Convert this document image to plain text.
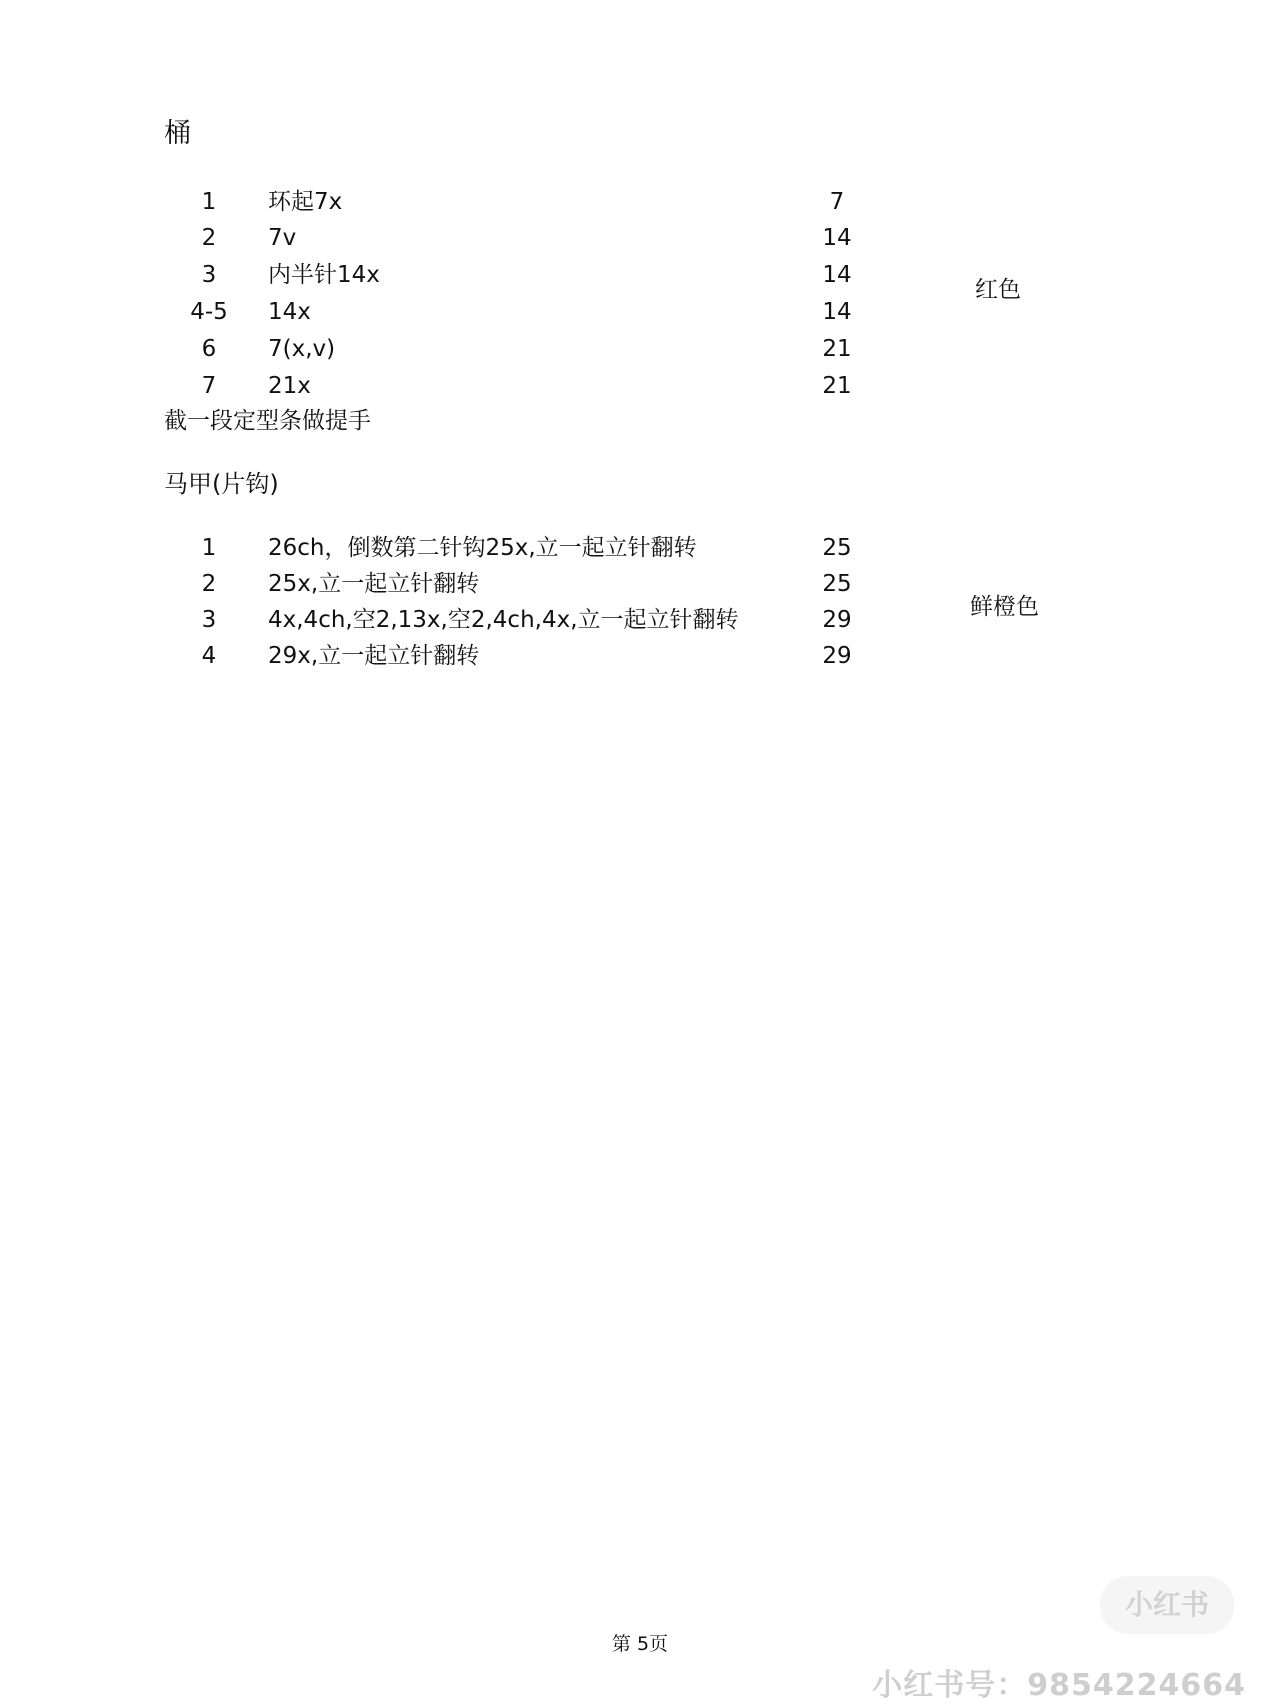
桶
1	环起7x	7
2	7v	14
3	内半针14x	14
4-5	14x	14
6	7(x,v)	21
7	21x	21
红色
截一段定型条做提手
马甲(片钩)
1	26ch，倒数第二针钩25x,立一起立针翻转	25
2	25x,立一起立针翻转	25
3	4x,4ch,空2,13x,空2,4ch,4x,立一起立针翻转	29
4	29x,立一起立针翻转	29
鲜橙色
第 5页
小红书
小红书号：9854224664
